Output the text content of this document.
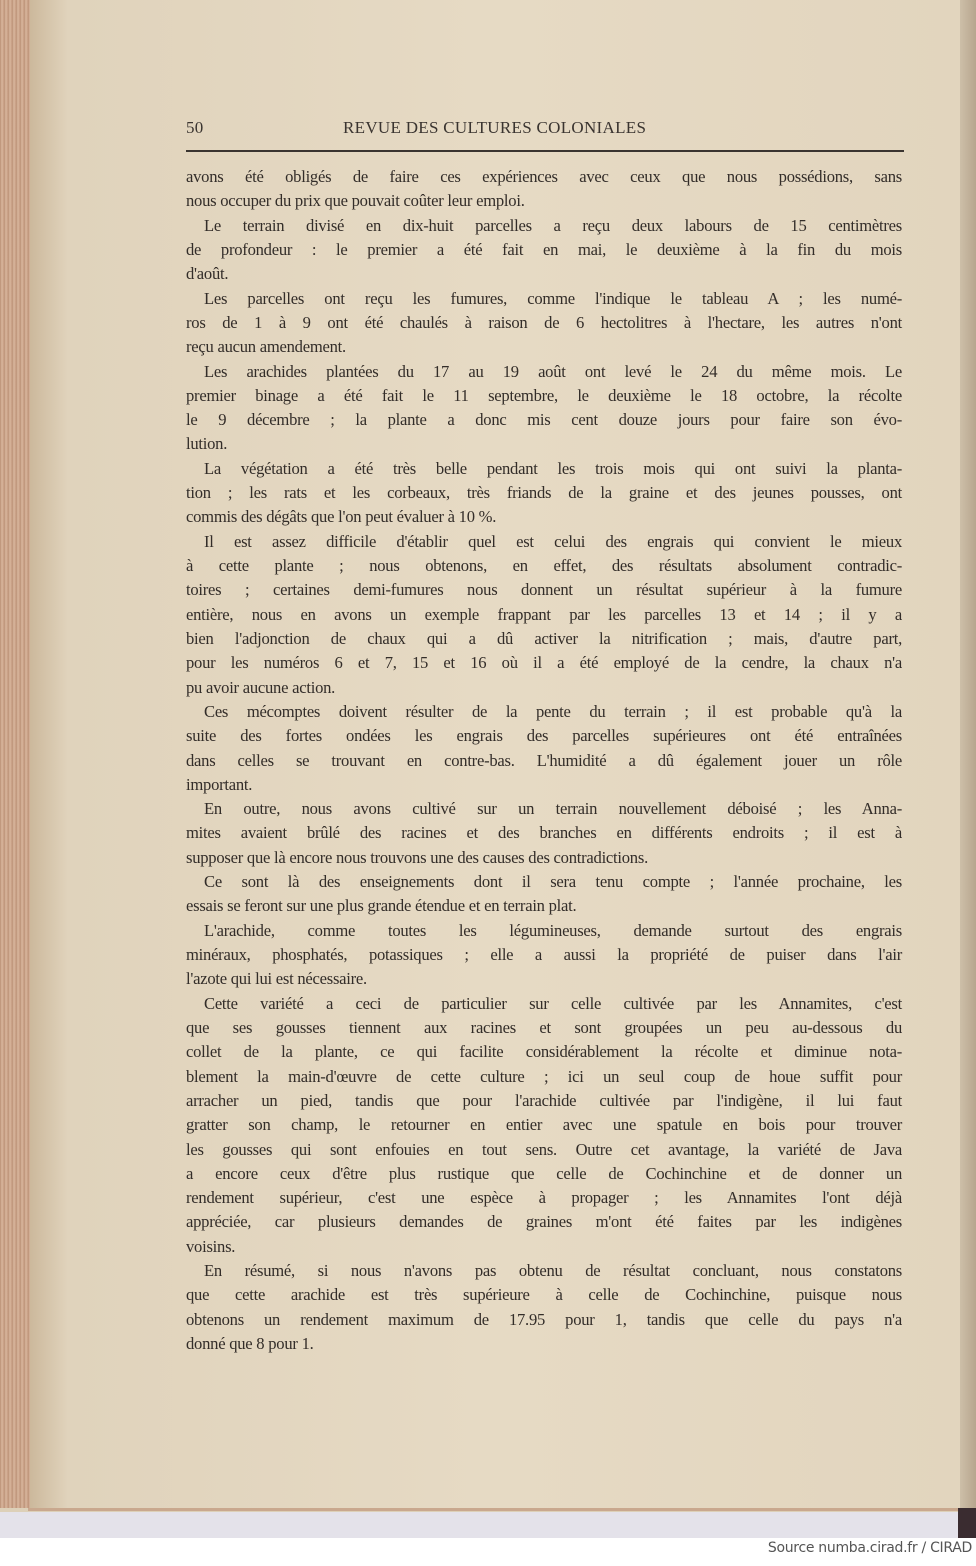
50	REVUE DES CULTURES COLONIALES
avons été obligés de faire ces expériences avec ceux que nous possédions, sans
nous occuper du prix que pouvait coûter leur emploi.
Le terrain divisé en dix-huit parcelles a reçu deux labours de 15 centimètres
de profondeur : le premier a été fait en mai, le deuxième à la fin du mois
d'août.
Les parcelles ont reçu les fumures, comme l'indique le tableau A ; les numé-
ros de 1 à 9 ont été chaulés à raison de 6 hectolitres à l'hectare, les autres n'ont
reçu aucun amendement.
Les arachides plantées du 17 au 19 août ont levé le 24 du même mois. Le
premier binage a été fait le 11 septembre, le deuxième le 18 octobre, la récolte
le 9 décembre ; la plante a donc mis cent douze jours pour faire son évo-
lution.
La végétation a été très belle pendant les trois mois qui ont suivi la planta-
tion ; les rats et les corbeaux, très friands de la graine et des jeunes pousses, ont
commis des dégâts que l'on peut évaluer à 10 %.
Il est assez difficile d'établir quel est celui des engrais qui convient le mieux
à cette plante ; nous obtenons, en effet, des résultats absolument contradic-
toires ; certaines demi-fumures nous donnent un résultat supérieur à la fumure
entière, nous en avons un exemple frappant par les parcelles 13 et 14 ; il y a
bien l'adjonction de chaux qui a dû activer la nitrification ; mais, d'autre part,
pour les numéros 6 et 7, 15 et 16 où il a été employé de la cendre, la chaux n'a
pu avoir aucune action.
Ces mécomptes doivent résulter de la pente du terrain ; il est probable qu'à la
suite des fortes ondées les engrais des parcelles supérieures ont été entraînées
dans celles se trouvant en contre-bas. L'humidité a dû également jouer un rôle
important.
En outre, nous avons cultivé sur un terrain nouvellement déboisé ; les Anna-
mites avaient brûlé des racines et des branches en différents endroits ; il est à
supposer que là encore nous trouvons une des causes des contradictions.
Ce sont là des enseignements dont il sera tenu compte ; l'année prochaine, les
essais se feront sur une plus grande étendue et en terrain plat.
L'arachide, comme toutes les légumineuses, demande surtout des engrais
minéraux, phosphatés, potassiques ; elle a aussi la propriété de puiser dans l'air
l'azote qui lui est nécessaire.
Cette variété a ceci de particulier sur celle cultivée par les Annamites, c'est
que ses gousses tiennent aux racines et sont groupées un peu au-dessous du
collet de la plante, ce qui facilite considérablement la récolte et diminue nota-
blement la main-d'œuvre de cette culture ; ici un seul coup de houe suffit pour
arracher un pied, tandis que pour l'arachide cultivée par l'indigène, il lui faut
gratter son champ, le retourner en entier avec une spatule en bois pour trouver
les gousses qui sont enfouies en tout sens. Outre cet avantage, la variété de Java
a encore ceux d'être plus rustique que celle de Cochinchine et de donner un
rendement supérieur, c'est une espèce à propager ; les Annamites l'ont déjà
appréciée, car plusieurs demandes de graines m'ont été faites par les indigènes
voisins.
En résumé, si nous n'avons pas obtenu de résultat concluant, nous constatons
que cette arachide est très supérieure à celle de Cochinchine, puisque nous
obtenons un rendement maximum de 17.95 pour 1, tandis que celle du pays n'a
donné que 8 pour 1.
Source numba.cirad.fr / CIRAD
